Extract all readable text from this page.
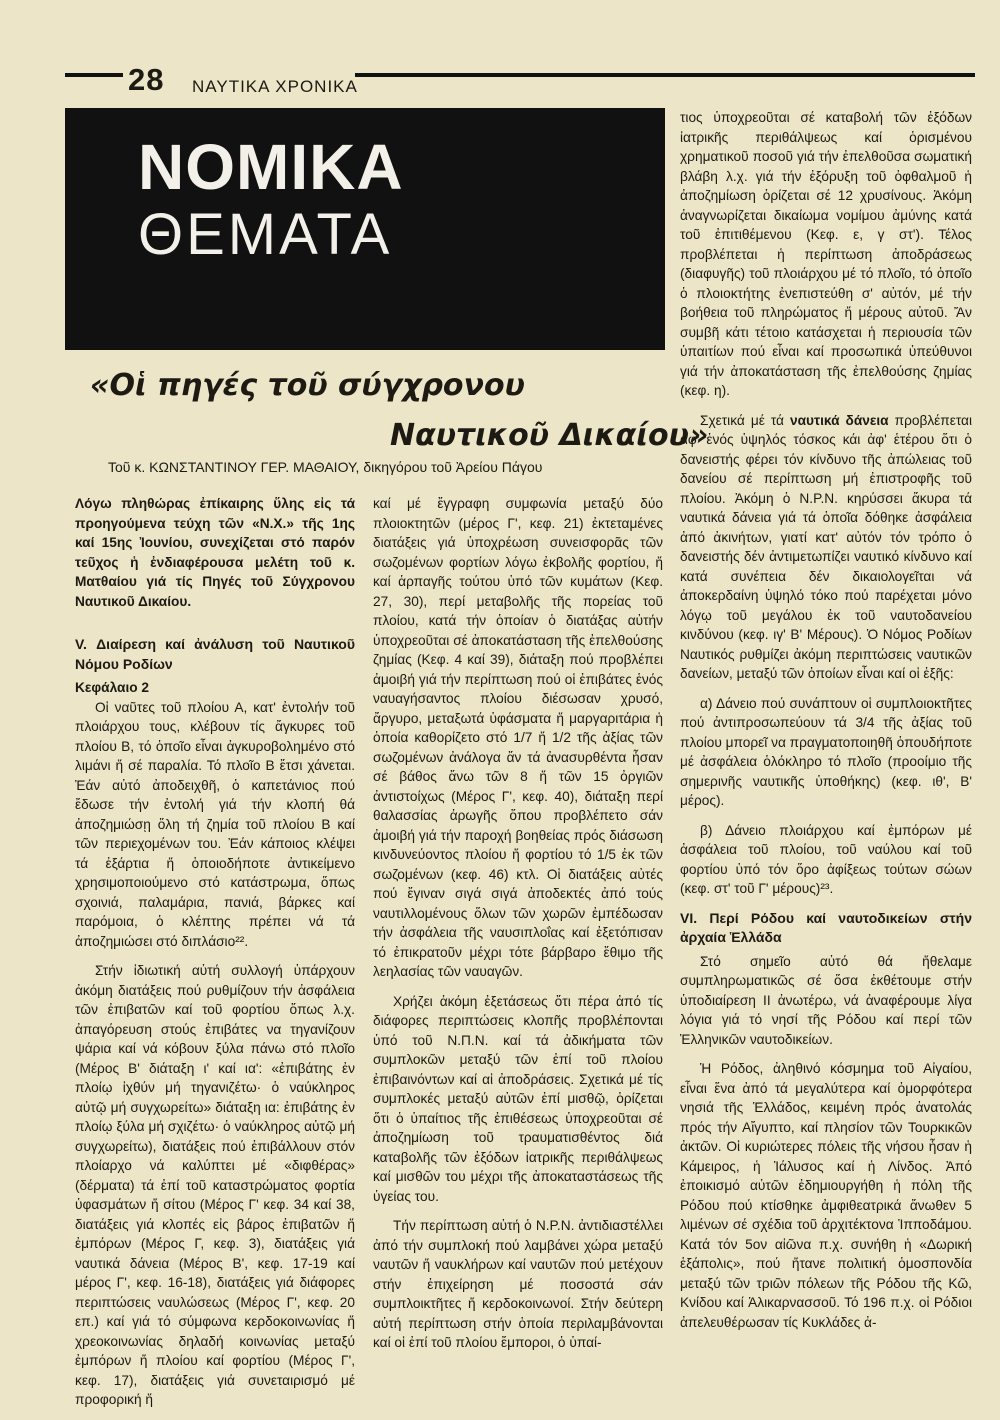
28 ΝΑΥΤΙΚΑ ΧΡΟΝΙΚΑ
ΝΟΜΙΚΑ
ΘΕΜΑΤΑ
«Οἱ πηγές τοῦ σύγχρονου
Ναυτικοῦ Δικαίου»
Τοῦ κ. ΚΩΝΣΤΑΝΤΙΝΟΥ ΓΕΡ. ΜΑΘΑΙΟΥ, δικηγόρου τοῦ Ἀρείου Πάγου

Λόγω πληθώρας ἐπίκαιρης ὕλης εἰς τά προηγούμενα τεύχη τῶν «Ν.Χ.» τῆς 1ης καί 15ης Ἰουνίου, συνεχίζεται στό παρόν τεῦχος ἡ ἐνδιαφέρουσα μελέτη τοῦ κ. Ματθαίου γιά τίς Πηγές τοῦ Σύγχρονου Ναυτικοῦ Δικαίου.

V. Διαίρεση καί ἀνάλυση τοῦ Ναυτικοῦ Νόμου Ροδίων
Κεφάλαιο 2

Οἱ ναῦτες τοῦ πλοίου Α, κατ' ἐντολήν τοῦ πλοιάρχου τους, κλέβουν τίς ἄγκυρες τοῦ πλοίου Β, τό ὁποῖο εἶναι ἀγκυροβολημένο στό λιμάνι ἤ σέ παραλία. Τό πλοῖο Β ἔτσι χάνεται. Ἐάν αὐτό ἀποδειχθῆ, ὁ καπετάνιος πού ἔδωσε τήν ἐντολή γιά τήν κλοπή θά ἀποζημιώσῃ ὅλη τή ζημία τοῦ πλοίου Β καί τῶν περιεχομένων του. Ἐάν κάποιος κλέψει τά ἐξάρτια ἤ ὁποιοδήποτε ἀντικείμενο χρησιμοποιούμενο στό κατάστρωμα, ὅπως σχοινιά, παλαμάρια, πανιά, βάρκες καί παρόμοια, ὁ κλέπτης πρέπει νά τά ἀποζημιώσει στό διπλάσιο²².

Στήν ἰδιωτική αὐτή συλλογή ὑπάρχουν ἀκόμη διατάξεις πού ρυθμίζουν τήν ἀσφάλεια τῶν ἐπιβατῶν καί τοῦ φορτίου ὅπως λ.χ. ἀπαγόρευση στούς ἐπιβάτες να τηγανίζουν ψάρια καί νά κόβουν ξύλα πάνω στό πλοῖο (Μέρος Β' διάταξη ι' καί ια': «ἐπιβάτης ἐν πλοίῳ ἰχθύν μή τηγανιζέτω· ὁ ναύκληρος αὐτῷ μή συγχωρείτω» διάταξη ια: ἐπιβάτης ἐν πλοίῳ ξύλα μή σχιζέτω· ὁ ναύκληρος αὐτῷ μή συγχωρείτω), διατάξεις πού ἐπιβάλλουν στόν πλοίαρχο νά καλύπτει μέ «διφθέρας» (δέρματα) τά ἐπί τοῦ καταστρώματος φορτία ὑφασμάτων ἤ σίτου (Μέρος Γ' κεφ. 34 καί 38, διατάξεις γιά κλοπές εἰς βάρος ἐπιβατῶν ἤ ἐμπόρων (Μέρος Γ, κεφ. 3), διατάξεις γιά ναυτικά δάνεια (Μέρος Β', κεφ. 17-19 καί μέρος Γ', κεφ. 16-18), διατάξεις γιά διάφορες περιπτώσεις ναυλώσεως (Μέρος Γ', κεφ. 20 επ.) καί γιά τό σύμφωνα κερδοκοινωνίας ἤ χρεοκοινωνίας δηλαδή κοινωνίας μεταξύ ἐμπόρων ἤ πλοίου καί φορτίου (Μέρος Γ', κεφ. 17), διατάξεις γιά συνεταιρισμό μέ προφορική ἤ

καί μέ ἔγγραφη συμφωνία μεταξύ δύο πλοιοκτητῶν (μέρος Γ', κεφ. 21) ἐκτεταμένες διατάξεις γιά ὑποχρέωση συνεισφορᾶς τῶν σωζομένων φορτίων λόγω ἐκβολῆς φορτίου, ἤ καί ἁρπαγῆς τούτου ὑπό τῶν κυμάτων (Κεφ. 27, 30), περί μεταβολῆς τῆς πορείας τοῦ πλοίου, κατά τήν ὁποίαν ὁ διατάξας αὐτήν ὑποχρεοῦται σέ ἀποκατάσταση τῆς ἐπελθούσης ζημίας (Κεφ. 4 καί 39), διάταξη πού προβλέπει ἀμοιβή γιά τήν περίπτωση πού οἱ ἐπιβάτες ἑνός ναυαγήσαντος πλοίου διέσωσαν χρυσό, ἄργυρο, μεταξωτά ὑφάσματα ἤ μαργαριτάρια ἡ ὁποία καθορίζετο στό 1/7 ἤ 1/2 τῆς ἀξίας τῶν σωζομένων ἀνάλογα ἄν τά ἀνασυρθέντα ἦσαν σέ βάθος ἄνω τῶν 8 ἤ τῶν 15 ὀργιῶν ἀντιστοίχως (Μέρος Γ', κεφ. 40), διάταξη περί θαλασσίας ἀρωγῆς ὅπου προβλέπετο σάν ἀμοιβή γιά τήν παροχή βοηθείας πρός διάσωση κινδυνεύοντος πλοίου ἤ φορτίου τό 1/5 ἐκ τῶν σωζομένων (κεφ. 46) κτλ. Οἱ διατάξεις αὐτές πού ἔγιναν σιγά σιγά ἀποδεκτές ἀπό τούς ναυτιλλομένους ὅλων τῶν χωρῶν ἐμπέδωσαν τήν ἀσφάλεια τῆς ναυσιπλοΐας καί ἐξετόπισαν τό ἐπικρατοῦν μέχρι τότε βάρβαρο ἔθιμο τῆς λεηλασίας τῶν ναυαγῶν.

Χρήζει ἀκόμη ἐξετάσεως ὅτι πέρα ἀπό τίς διάφορες περιπτώσεις κλοπῆς προβλέπονται ὑπό τοῦ Ν.Π.Ν. καί τά ἀδικήματα τῶν συμπλοκῶν μεταξύ τῶν ἐπί τοῦ πλοίου ἐπιβαινόντων καί αἱ ἀποδράσεις. Σχετικά μέ τίς συμπλοκές μεταξύ αὐτῶν ἐπί μισθῷ, ὁρίζεται ὅτι ὁ ὑπαίτιος τῆς ἐπιθέσεως ὑποχρεοῦται σέ ἀποζημίωση τοῦ τραυματισθέντος διά καταβολῆς τῶν ἐξόδων ἰατρικῆς περιθάλψεως καί μισθῶν του μέχρι τῆς ἀποκαταστάσεως τῆς ὑγείας του.

Τήν περίπτωση αὐτή ὁ Ν.Ρ.Ν. ἀντιδιαστέλλει ἀπό τήν συμπλοκή πού λαμβάνει χώρα μεταξύ ναυτῶν ἤ ναυκλήρων καί ναυτῶν πού μετέχουν στήν ἐπιχείρηση μέ ποσοστά σάν συμπλοικτῆτες ἤ κερδοκοινωνοί. Στήν δεύτερη αὐτή περίπτωση στήν ὁποία περιλαμβάνονται καί οἱ ἐπί τοῦ πλοίου ἔμποροι, ὁ ὑπαί-

τιος ὑποχρεοῦται σέ καταβολή τῶν ἐξόδων ἰατρικῆς περιθάλψεως καί ὁρισμένου χρηματικοῦ ποσοῦ γιά τήν ἐπελθοῦσα σωματική βλάβη λ.χ. γιά τήν ἐξόρυξη τοῦ ὀφθαλμοῦ ἡ ἀποζημίωση ὁρίζεται σέ 12 χρυσίνους. Ἀκόμη ἀναγνωρίζεται δικαίωμα νομίμου ἀμύνης κατά τοῦ ἐπιτιθέμενου (Κεφ. ε, γ στ'). Τέλος προβλέπεται ἡ περίπτωση ἀποδράσεως (διαφυγῆς) τοῦ πλοιάρχου μέ τό πλοῖο, τό ὁποῖο ὁ πλοιοκτήτης ἐνεπιστεύθη σ' αὐτόν, μέ τήν βοήθεια τοῦ πληρώματος ἤ μέρους αὐτοῦ. Ἄν συμβῆ κάτι τέτοιο κατάσχεται ἡ περιουσία τῶν ὑπαιτίων πού εἶναι καί προσωπικά ὑπεύθυνοι γιά τήν ἀποκατάσταση τῆς ἐπελθούσης ζημίας (κεφ. η).

Σχετικά μέ τά ναυτικά δάνεια προβλέπεται ἀφ' ἑνός ὑψηλός τόσκος κάι ἀφ' ἑτέρου ὅτι ὁ δανειστής φέρει τόν κίνδυνο τῆς ἀπώλειας τοῦ δανείου σέ περίπτωση μή ἐπιστροφῆς τοῦ πλοίου. Ἀκόμη ὁ Ν.Ρ.Ν. κηρύσσει ἄκυρα τά ναυτικά δάνεια γιά τά ὁποῖα δόθηκε ἀσφάλεια ἀπό ἀκινήτων, γιατί κατ' αὐτόν τόν τρόπο ὁ δανειστής δέν ἀντιμετωπίζει ναυτικό κίνδυνο καί κατά συνέπεια δέν δικαιολογεῖται νά ἀποκερδαίνη ὑψηλό τόκο πού παρέχεται μόνο λόγῳ τοῦ μεγάλου ἐκ τοῦ ναυτοδανείου κινδύνου (κεφ. ιγ' Β' Μέρους). Ὁ Νόμος Ροδίων Ναυτικός ρυθμίζει ἀκόμη περιπτώσεις ναυτικῶν δανείων, μεταξύ τῶν ὁποίων εἶναι καί οἱ ἑξῆς:

α) Δάνειο πού συνάπτουν οἱ συμπλοιοκτῆτες πού ἀντιπροσωπεύουν τά 3/4 τῆς ἀξίας τοῦ πλοίου μπορεῖ να πραγματοποιηθῆ ὁπουδήποτε μέ ἀσφάλεια ὁλόκληρο τό πλοῖο (προοίμιο τῆς σημερινῆς ναυτικῆς ὑποθήκης) (κεφ. ιθ', Β' μέρος).

β) Δάνειο πλοιάρχου καί ἐμπόρων μέ ἀσφάλεια τοῦ πλοίου, τοῦ ναύλου καί τοῦ φορτίου ὑπό τόν ὅρο ἀφίξεως τούτων σώων (κεφ. στ' τοῦ Γ' μέρους)²³.

VI. Περί Ρόδου καί ναυτοδικείων στήν ἀρχαία Ἑλλάδα

Στό σημεῖο αὐτό θά ἤθελαμε συμπληρωματικῶς σέ ὅσα ἐκθέτουμε στήν ὑποδιαίρεση ΙΙ ἀνωτέρω, νά ἀναφέρουμε λίγα λόγια γιά τό νησί τῆς Ρόδου καί περί τῶν Ἑλληνικῶν ναυτοδικείων.

Ἡ Ρόδος, ἀληθινό κόσμημα τοῦ Αἰγαίου, εἶναι ἕνα ἀπό τά μεγαλύτερα καί ὀμορφότερα νησιά τῆς Ἑλλάδος, κειμένη πρός ἀνατολάς πρός τήν Αἴγυπτο, καί πλησίον τῶν Τουρκικῶν ἀκτῶν. Οἱ κυριώτερες πόλεις τῆς νήσου ἦσαν ἡ Κάμειρος, ἡ Ἰάλυσος καί ἡ Λίνδος. Ἀπό ἐποικισμό αὐτῶν ἐδημιουργήθη ἡ πόλη τῆς Ρόδου πού κτίσθηκε ἀμφιθεατρικά ἄνωθεν 5 λιμένων σέ σχέδια τοῦ ἀρχιτέκτονα Ἱπποδάμου. Κατά τόν 5ον αἰῶνα π.χ. συνήθη ἡ «Δωρική ἑξάπολις», πού ἤτανε πολιτική ὁμοσπονδία μεταξύ τῶν τριῶν πόλεων τῆς Ρόδου τῆς Κῶ, Κνίδου καί Ἁλικαρνασσοῦ. Τό 196 π.χ. οἱ Ρόδιοι ἀπελευθέρωσαν τίς Κυκλάδες ἀ-
